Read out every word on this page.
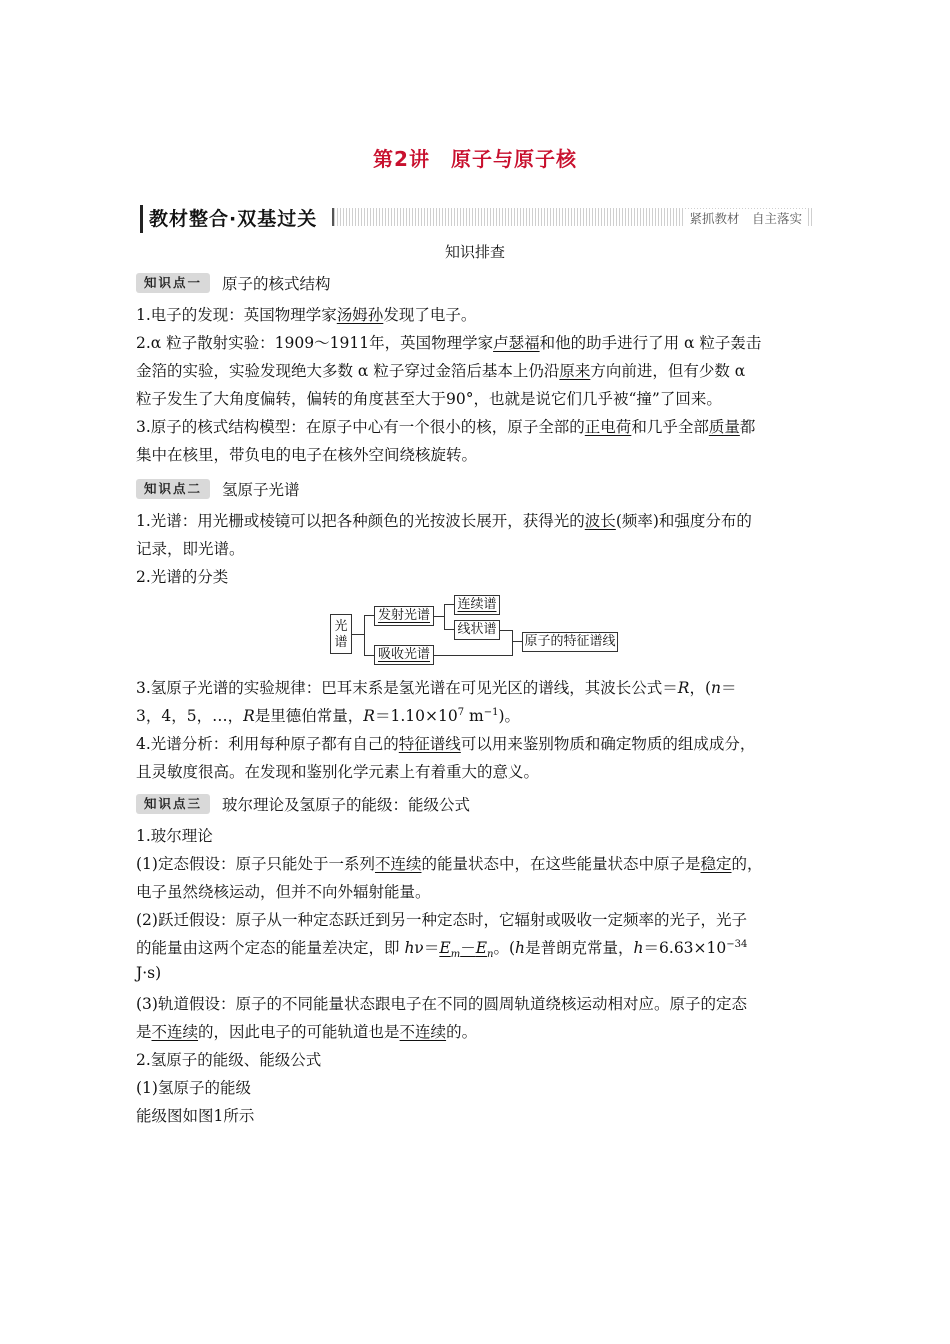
第2讲　原子与原子核
教材整合·双基过关	紧抓教材　自主落实
知识排查
知识点一	原子的核式结构
1.电子的发现：英国物理学家汤姆孙发现了电子。
2.α 粒子散射实验：1909～1911年，英国物理学家卢瑟福和他的助手进行了用 α 粒子轰击
金箔的实验，实验发现绝大多数 α 粒子穿过金箔后基本上仍沿原来方向前进，但有少数 α
粒子发生了大角度偏转，偏转的角度甚至大于90°，也就是说它们几乎被“撞”了回来。
3.原子的核式结构模型：在原子中心有一个很小的核，原子全部的正电荷和几乎全部质量都
集中在核里，带负电的电子在核外空间绕核旋转。
知识点二	氢原子光谱
1.光谱：用光栅或棱镜可以把各种颜色的光按波长展开，获得光的波长(频率)和强度分布的
记录，即光谱。
2.光谱的分类
光谱
发射光谱
吸收光谱
连续谱
线状谱
原子的特征谱线
3.氢原子光谱的实验规律：巴耳末系是氢光谱在可见光区的谱线，其波长公式＝R，(n＝
3，4，5，…，R是里德伯常量，$R=1.10\times 10^7$ $m^{-1}$)。
4.光谱分析：利用每种原子都有自己的特征谱线可以用来鉴别物质和确定物质的组成成分，
且灵敏度很高。在发现和鉴别化学元素上有着重大的意义。
知识点三	玻尔理论及氢原子的能级：能级公式
1.玻尔理论
(1)定态假设：原子只能处于一系列不连续的能量状态中，在这些能量状态中原子是稳定的，
电子虽然绕核运动，但并不向外辐射能量。
(2)跃迁假设：原子从一种定态跃迁到另一种定态时，它辐射或吸收一定频率的光子，光子
的能量由这两个定态的能量差决定，即 $h\nu=E_m-E_n$。(h是普朗克常量，$h=6.63\times 10^{-34}$
J·s)
(3)轨道假设：原子的不同能量状态跟电子在不同的圆周轨道绕核运动相对应。原子的定态
是不连续的，因此电子的可能轨道也是不连续的。
2.氢原子的能级、能级公式
(1)氢原子的能级
能级图如图1所示
